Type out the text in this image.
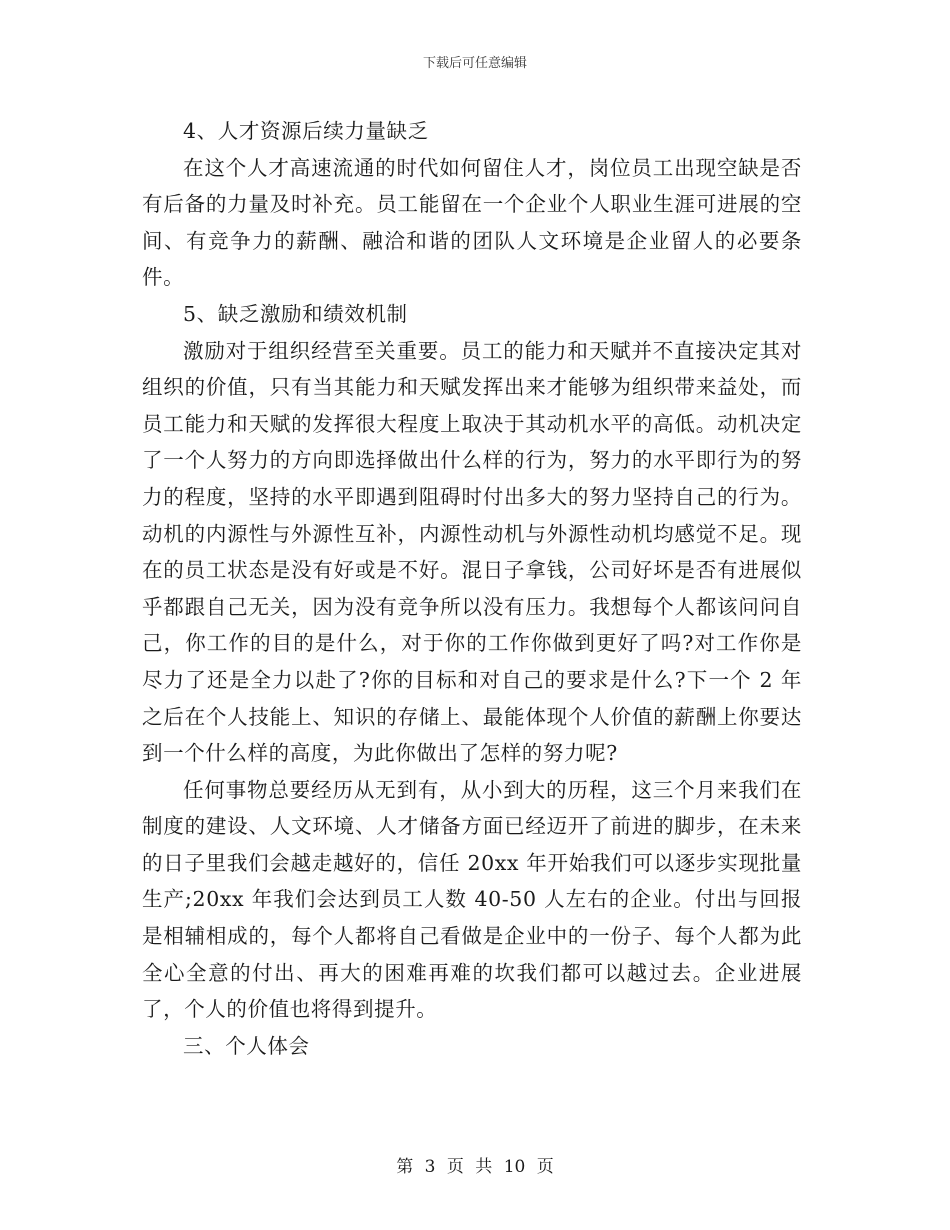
下载后可任意编辑

4、人才资源后续力量缺乏

在这个人才高速流通的时代如何留住人才，岗位员工出现空缺是否有后备的力量及时补充。员工能留在一个企业个人职业生涯可进展的空间、有竞争力的薪酬、融洽和谐的团队人文环境是企业留人的必要条件。

5、缺乏激励和绩效机制

激励对于组织经营至关重要。员工的能力和天赋并不直接决定其对组织的价值，只有当其能力和天赋发挥出来才能够为组织带来益处，而员工能力和天赋的发挥很大程度上取决于其动机水平的高低。动机决定了一个人努力的方向即选择做出什么样的行为，努力的水平即行为的努力的程度，坚持的水平即遇到阻碍时付出多大的努力坚持自己的行为。动机的内源性与外源性互补，内源性动机与外源性动机均感觉不足。现在的员工状态是没有好或是不好。混日子拿钱，公司好坏是否有进展似乎都跟自己无关，因为没有竞争所以没有压力。我想每个人都该问问自己，你工作的目的是什么，对于你的工作你做到更好了吗?对工作你是尽力了还是全力以赴了?你的目标和对自己的要求是什么?下一个 2 年之后在个人技能上、知识的存储上、最能体现个人价值的薪酬上你要达到一个什么样的高度，为此你做出了怎样的努力呢?

任何事物总要经历从无到有，从小到大的历程，这三个月来我们在制度的建设、人文环境、人才储备方面已经迈开了前进的脚步，在未来的日子里我们会越走越好的，信任 20xx 年开始我们可以逐步实现批量生产;20xx 年我们会达到员工人数 40-50 人左右的企业。付出与回报是相辅相成的，每个人都将自己看做是企业中的一份子、每个人都为此全心全意的付出、再大的困难再难的坎我们都可以越过去。企业进展了，个人的价值也将得到提升。

三、个人体会

第 3 页 共 10 页
